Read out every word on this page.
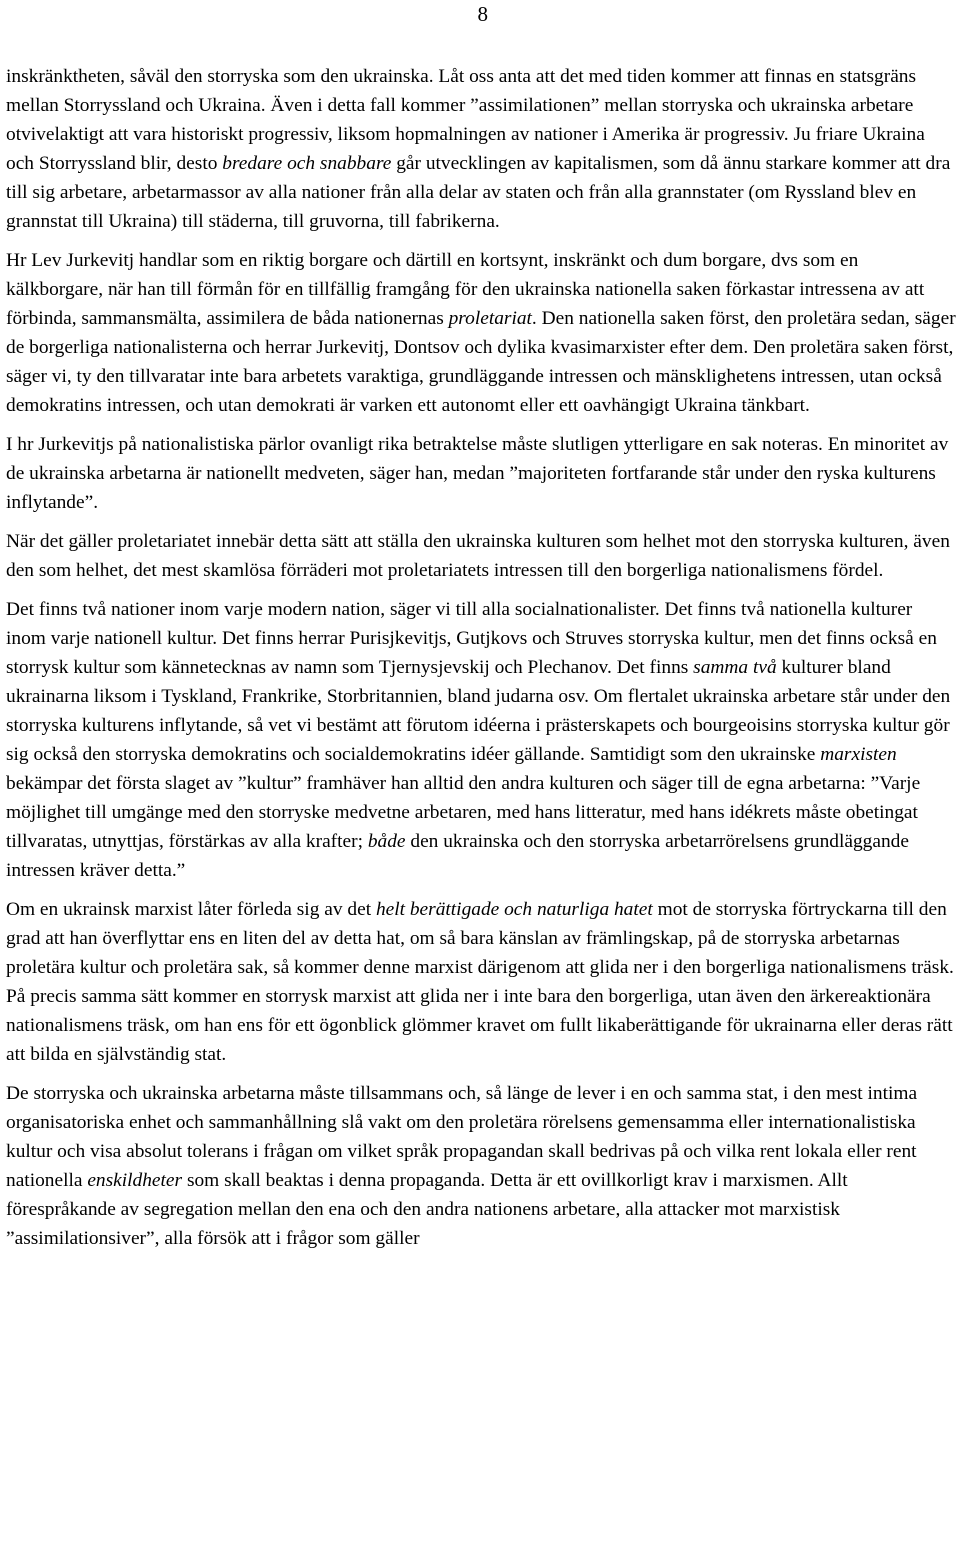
8

inskränktheten, såväl den storryska som den ukrainska. Låt oss anta att det med tiden kommer att finnas en statsgräns mellan Storryssland och Ukraina. Även i detta fall kommer ”assimilationen” mellan storryska och ukrainska arbetare otvivelaktigt att vara historiskt progressiv, liksom hopmalningen av nationer i Amerika är progressiv. Ju friare Ukraina och Storryssland blir, desto bredare och snabbare går utvecklingen av kapitalismen, som då ännu starkare kommer att dra till sig arbetare, arbetarmassor av alla nationer från alla delar av staten och från alla grannstater (om Ryssland blev en grannstat till Ukraina) till städerna, till gruvorna, till fabrikerna.

Hr Lev Jurkevitj handlar som en riktig borgare och därtill en kortsynt, inskränkt och dum borgare, dvs som en kälkborgare, när han till förmån för en tillfällig framgång för den ukrainska nationella saken förkastar intressena av att förbinda, sammansmälta, assimilera de båda nationernas proletariat. Den nationella saken först, den proletära sedan, säger de borgerliga nationalisterna och herrar Jurkevitj, Dontsov och dylika kvasimarxister efter dem. Den proletära saken först, säger vi, ty den tillvaratar inte bara arbetets varaktiga, grundläggande intressen och mänsklighetens intressen, utan också demokratins intressen, och utan demokrati är varken ett autonomt eller ett oavhängigt Ukraina tänkbart.

I hr Jurkevitjs på nationalistiska pärlor ovanligt rika betraktelse måste slutligen ytterligare en sak noteras. En minoritet av de ukrainska arbetarna är nationellt medveten, säger han, medan ”majoriteten fortfarande står under den ryska kulturens inflytande”.

När det gäller proletariatet innebär detta sätt att ställa den ukrainska kulturen som helhet mot den storryska kulturen, även den som helhet, det mest skamlösa förräderi mot proletariatets intressen till den borgerliga nationalismens fördel.

Det finns två nationer inom varje modern nation, säger vi till alla socialnationalister. Det finns två nationella kulturer inom varje nationell kultur. Det finns herrar Purisjkevitjs, Gutjkovs och Struves storryska kultur, men det finns också en storrysk kultur som kännetecknas av namn som Tjernysjevskij och Plechanov. Det finns samma två kulturer bland ukrainarna liksom i Tyskland, Frankrike, Storbritannien, bland judarna osv. Om flertalet ukrainska arbetare står under den storryska kulturens inflytande, så vet vi bestämt att förutom idéerna i prästerskapets och bourgeoisins storryska kultur gör sig också den storryska demokratins och socialdemokratins idéer gällande. Samtidigt som den ukrainske marxisten bekämpar det första slaget av ”kultur” framhäver han alltid den andra kulturen och säger till de egna arbetarna: ”Varje möjlighet till umgänge med den storryske medvetne arbetaren, med hans litteratur, med hans idékrets måste obetingat tillvaratas, utnyttjas, förstärkas av alla krafter; både den ukrainska och den storryska arbetarrörelsens grundläggande intressen kräver detta.”

Om en ukrainsk marxist låter förleda sig av det helt berättigade och naturliga hatet mot de storryska förtryckarna till den grad att han överflyttar ens en liten del av detta hat, om så bara känslan av främlingskap, på de storryska arbetarnas proletära kultur och proletära sak, så kommer denne marxist därigenom att glida ner i den borgerliga nationalismens träsk. På precis samma sätt kommer en storrysk marxist att glida ner i inte bara den borgerliga, utan även den ärkereaktionära nationalismens träsk, om han ens för ett ögonblick glömmer kravet om fullt likaberättigande för ukrainarna eller deras rätt att bilda en självständig stat.

De storryska och ukrainska arbetarna måste tillsammans och, så länge de lever i en och samma stat, i den mest intima organisatoriska enhet och sammanhållning slå vakt om den proletära rörelsens gemensamma eller internationalistiska kultur och visa absolut tolerans i frågan om vilket språk propagandan skall bedrivas på och vilka rent lokala eller rent nationella enskildheter som skall beaktas i denna propaganda. Detta är ett ovillkorligt krav i marxismen. Allt förespråkande av segregation mellan den ena och den andra nationens arbetare, alla attacker mot marxistisk ”assimilationsiver”, alla försök att i frågor som gäller
